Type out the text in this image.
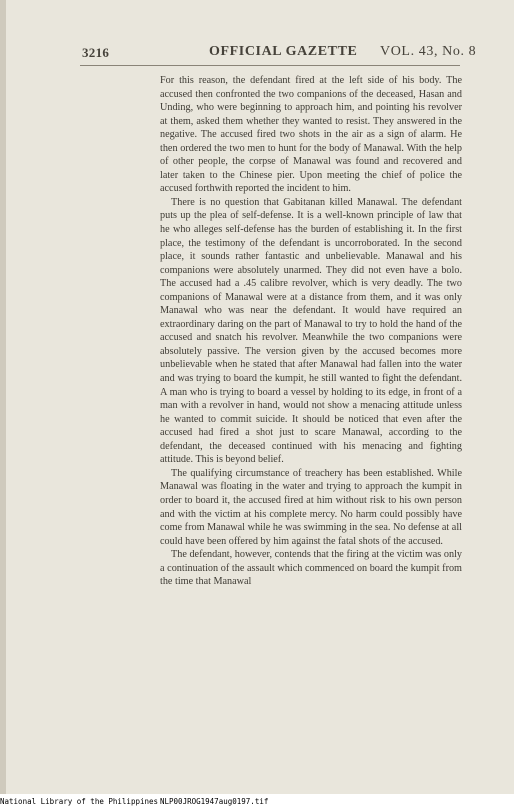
3216	OFFICIAL GAZETTE VOL. 43, No. 8

For this reason, the defendant fired at the left side of his body. The accused then confronted the two companions of the deceased, Hasan and Unding, who were beginning to approach him, and pointing his revolver at them, asked them whether they wanted to resist. They answered in the negative. The accused fired two shots in the air as a sign of alarm. He then ordered the two men to hunt for the body of Manawal. With the help of other people, the corpse of Manawal was found and recovered and later taken to the Chinese pier. Upon meeting the chief of police the accused forthwith reported the incident to him.

There is no question that Gabitanan killed Manawal. The defendant puts up the plea of self-defense. It is a well-known principle of law that he who alleges self-defense has the burden of establishing it. In the first place, the testimony of the defendant is uncorroborated. In the second place, it sounds rather fantastic and unbelievable. Manawal and his companions were absolutely unarmed. They did not even have a bolo. The accused had a .45 calibre revolver, which is very deadly. The two companions of Manawal were at a distance from them, and it was only Manawal who was near the defendant. It would have required an extraordinary daring on the part of Manawal to try to hold the hand of the accused and snatch his revolver. Meanwhile the two companions were absolutely passive. The version given by the accused becomes more unbelievable when he stated that after Manawal had fallen into the water and was trying to board the kumpit, he still wanted to fight the defendant. A man who is trying to board a vessel by holding to its edge, in front of a man with a revolver in hand, would not show a menacing attitude unless he wanted to commit suicide. It should be noticed that even after the accused had fired a shot just to scare Manawal, according to the defendant, the deceased continued with his menacing and fighting attitude. This is beyond belief.

The qualifying circumstance of treachery has been established. While Manawal was floating in the water and trying to approach the kumpit in order to board it, the accused fired at him without risk to his own person and with the victim at his complete mercy. No harm could possibly have come from Manawal while he was swimming in the sea. No defense at all could have been offered by him against the fatal shots of the accused.

The defendant, however, contends that the firing at the victim was only a continuation of the assault which commenced on board the kumpit from the time that Manawal

National Library of the Philippines NLP00JROG1947aug0197.tif
